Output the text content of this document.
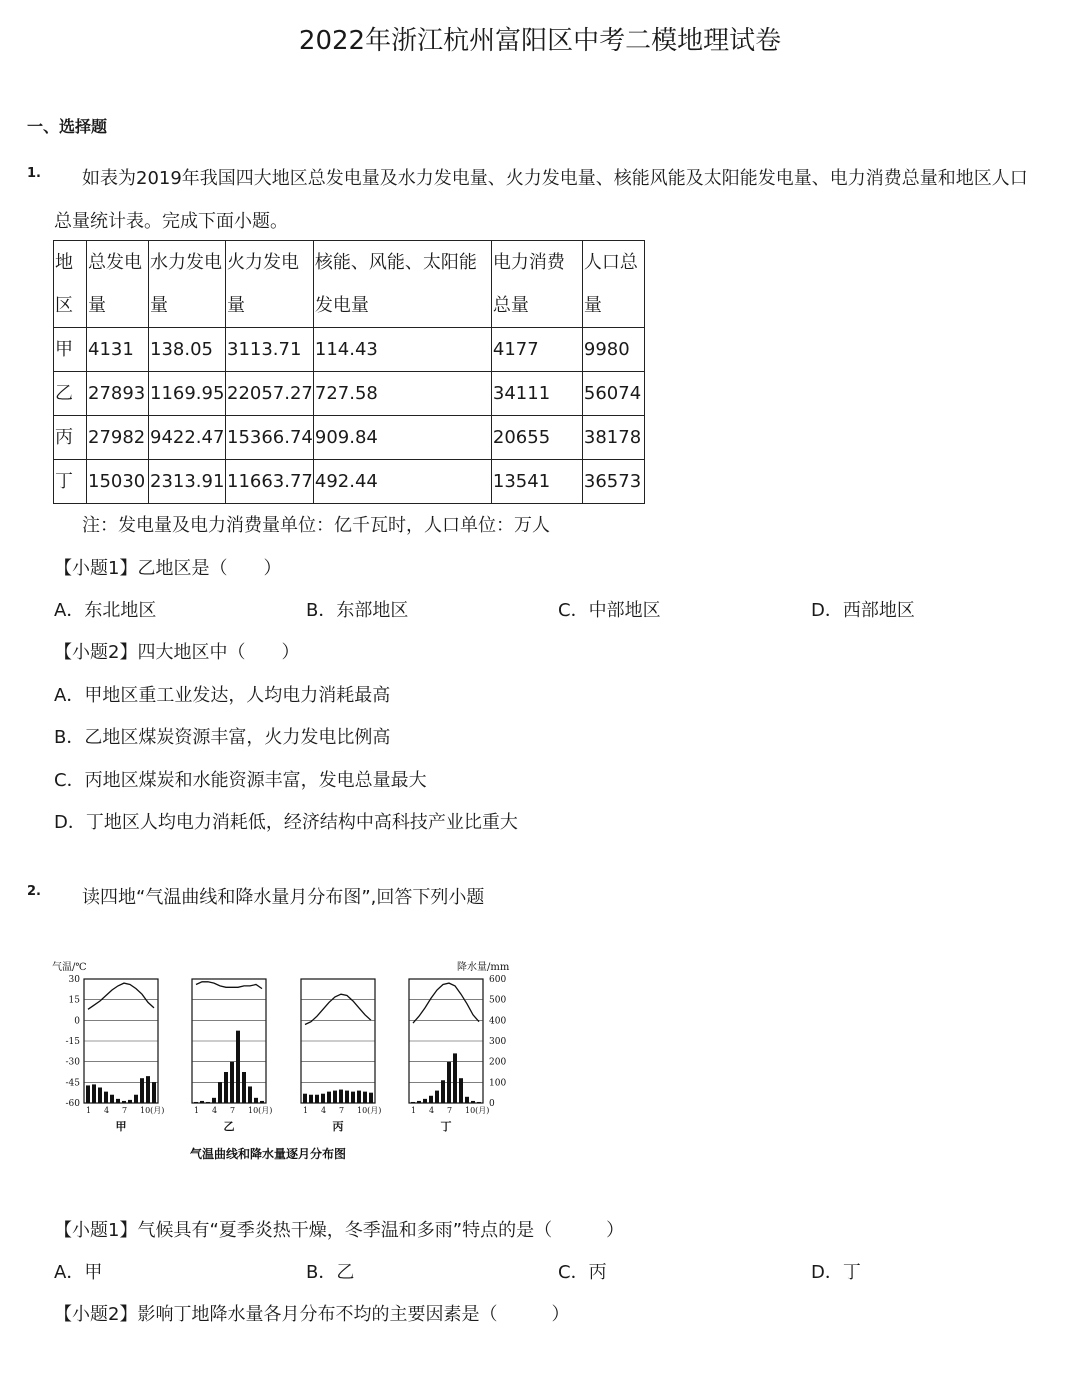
2022年浙江杭州富阳区中考二模地理试卷
一、选择题
1. 如表为2019年我国四大地区总发电量及水力发电量、火力发电量、核能风能及太阳能发电量、电力消费总量和地区人口
总量统计表。完成下面小题。
地区	总发电量	水力发电量	火力发电量	核能、风能、太阳能发电量	电力消费总量	人口总量
甲	4131	138.05	3113.71	114.43	4177	9980
乙	27893	1169.95	22057.27	727.58	34111	56074
丙	27982	9422.47	15366.74	909.84	20655	38178
丁	15030	2313.91	11663.77	492.44	13541	36573
注：发电量及电力消费量单位：亿千瓦时，人口单位：万人
【小题1】乙地区是（　　）
A．东北地区	B．东部地区	C．中部地区	D．西部地区
【小题2】四大地区中（　　）
A．甲地区重工业发达，人均电力消耗最高
B．乙地区煤炭资源丰富，火力发电比例高
C．丙地区煤炭和水能资源丰富，发电总量最大
D．丁地区人均电力消耗低，经济结构中高科技产业比重大
2. 读四地“气温曲线和降水量月分布图”,回答下列小题
气温/℃	降水量/mm
气温曲线和降水量逐月分布图
30
15
0
-15
-30
-45
-60
600
500
400
300
200
100
0
1 4 7 10(月)
甲
1 4 7 10(月)
乙
1 4 7 10(月)
丙
1 4 7 10(月)
丁
【小题1】气候具有“夏季炎热干燥，冬季温和多雨”特点的是（　　　）
A．甲	B．乙	C．丙	D．丁
【小题2】影响丁地降水量各月分布不均的主要因素是（　　　）
